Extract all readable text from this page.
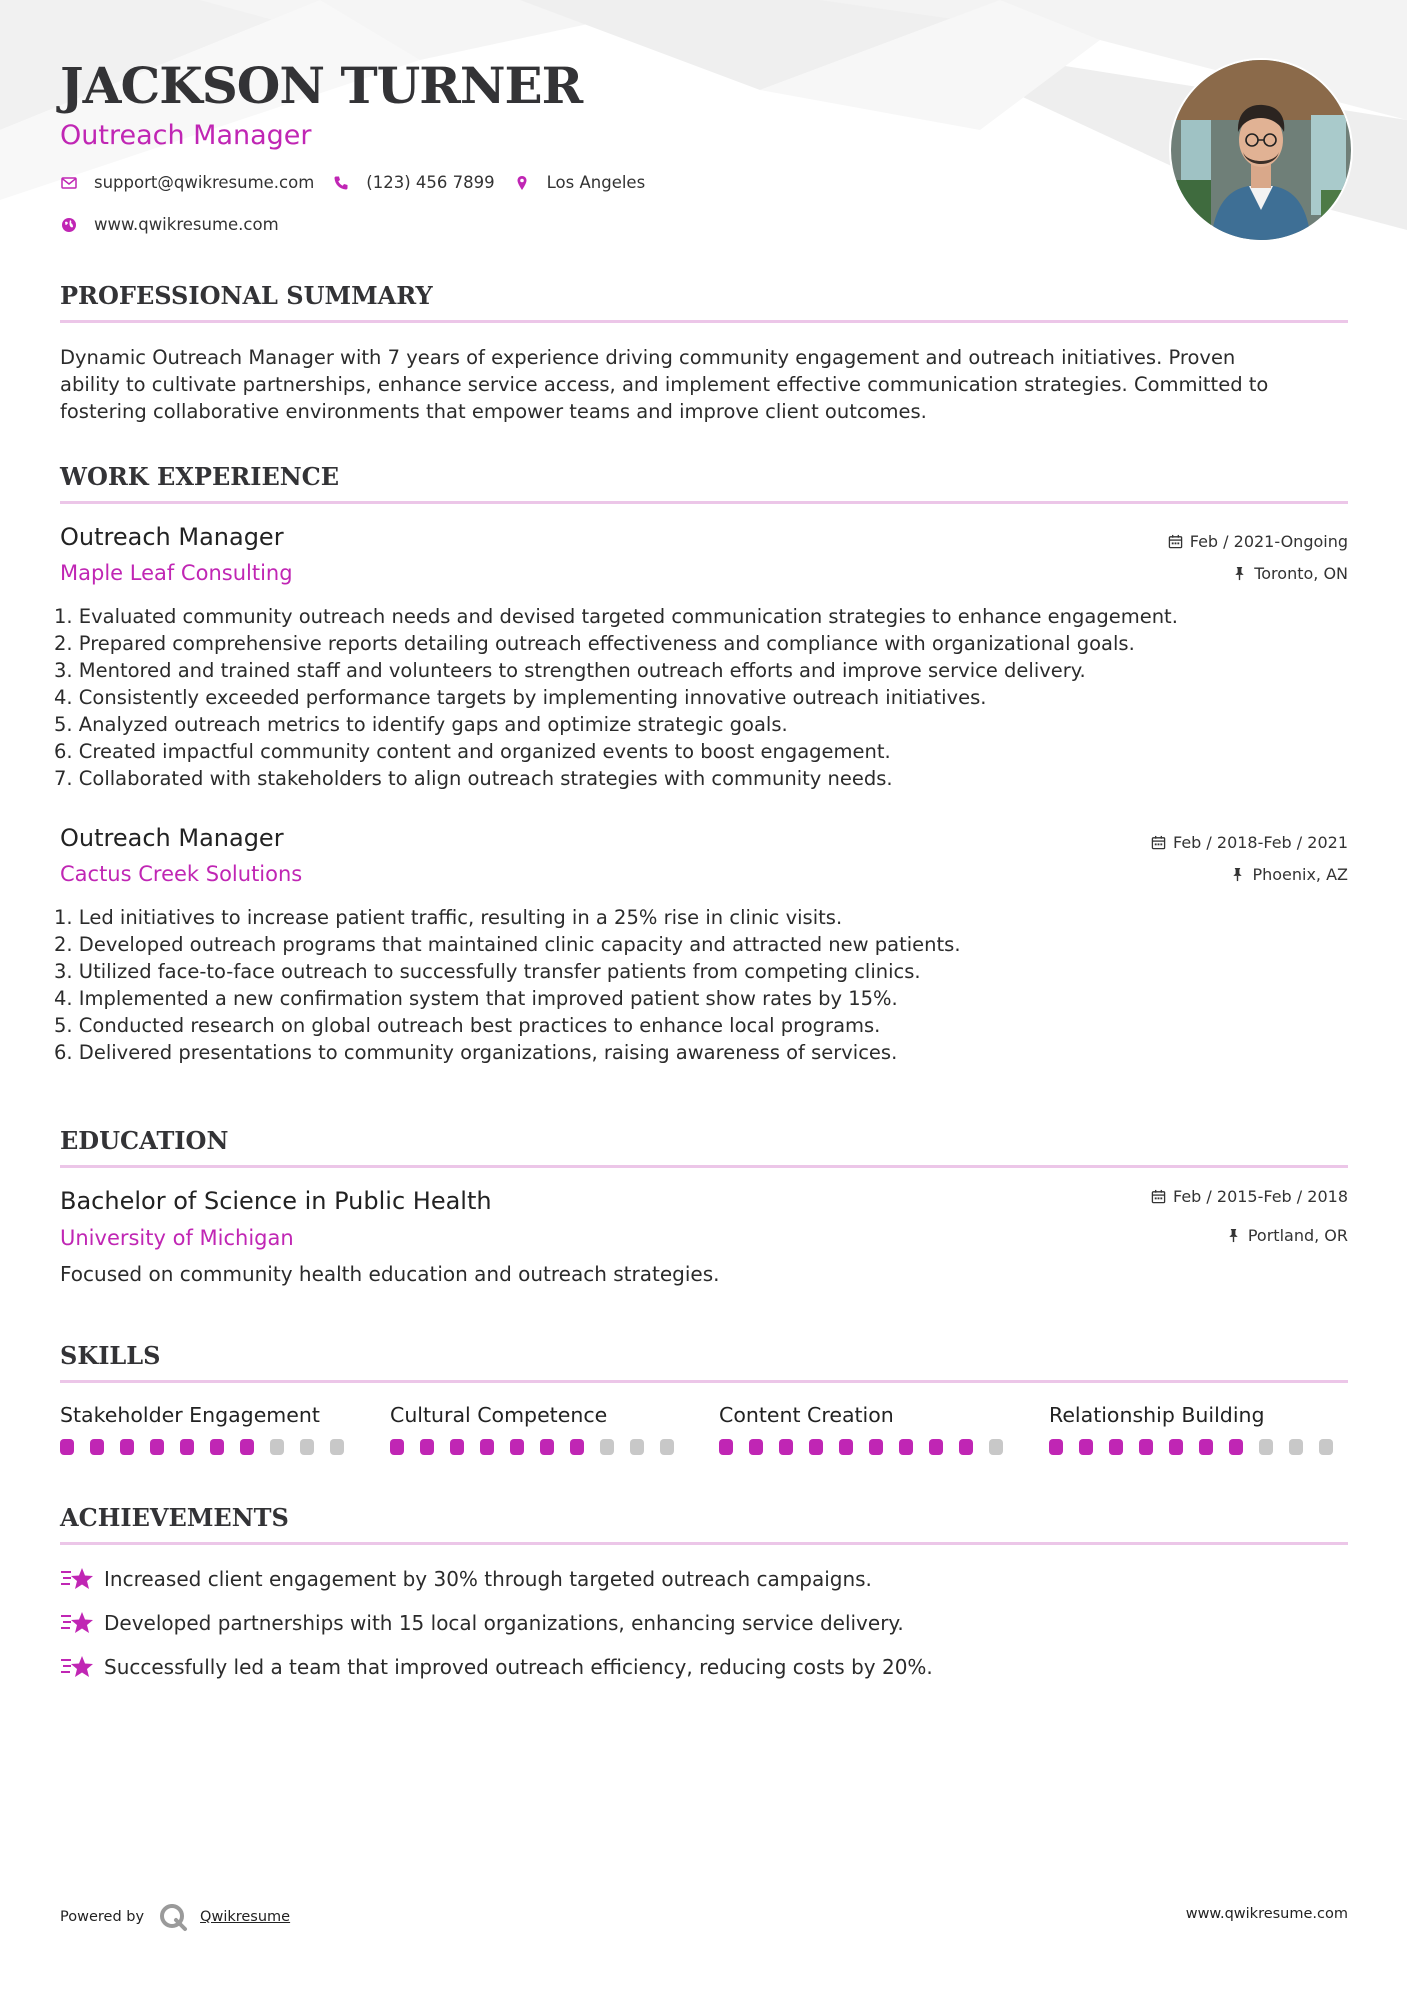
JACKSON TURNER
Outreach Manager
support@qwikresume.com	(123) 456 7899	Los Angeles
www.qwikresume.com
PROFESSIONAL SUMMARY

Dynamic Outreach Manager with 7 years of experience driving community engagement and outreach initiatives. Proven
ability to cultivate partnerships, enhance service access, and implement effective communication strategies. Committed to
fostering collaborative environments that empower teams and improve client outcomes.

WORK EXPERIENCE
Outreach Manager
Maple Leaf Consulting
Feb / 2021-Ongoing
Toronto, ON
1. Evaluated community outreach needs and devised targeted communication strategies to enhance engagement.
2. Prepared comprehensive reports detailing outreach effectiveness and compliance with organizational goals.
3. Mentored and trained staff and volunteers to strengthen outreach efforts and improve service delivery.
4. Consistently exceeded performance targets by implementing innovative outreach initiatives.
5. Analyzed outreach metrics to identify gaps and optimize strategic goals.
6. Created impactful community content and organized events to boost engagement.
7. Collaborated with stakeholders to align outreach strategies with community needs.
Outreach Manager
Cactus Creek Solutions
Feb / 2018-Feb / 2021
Phoenix, AZ
1. Led initiatives to increase patient traffic, resulting in a 25% rise in clinic visits.
2. Developed outreach programs that maintained clinic capacity and attracted new patients.
3. Utilized face-to-face outreach to successfully transfer patients from competing clinics.
4. Implemented a new confirmation system that improved patient show rates by 15%.
5. Conducted research on global outreach best practices to enhance local programs.
6. Delivered presentations to community organizations, raising awareness of services.
EDUCATION
Bachelor of Science in Public Health
University of Michigan
Feb / 2015-Feb / 2018
Portland, OR
Focused on community health education and outreach strategies.
SKILLS
Stakeholder Engagement	Cultural Competence	Content Creation	Relationship Building
ACHIEVEMENTS
Increased client engagement by 30% through targeted outreach campaigns.
Developed partnerships with 15 local organizations, enhancing service delivery.
Successfully led a team that improved outreach efficiency, reducing costs by 20%.
Powered by	Qwikresume	www.qwikresume.com
